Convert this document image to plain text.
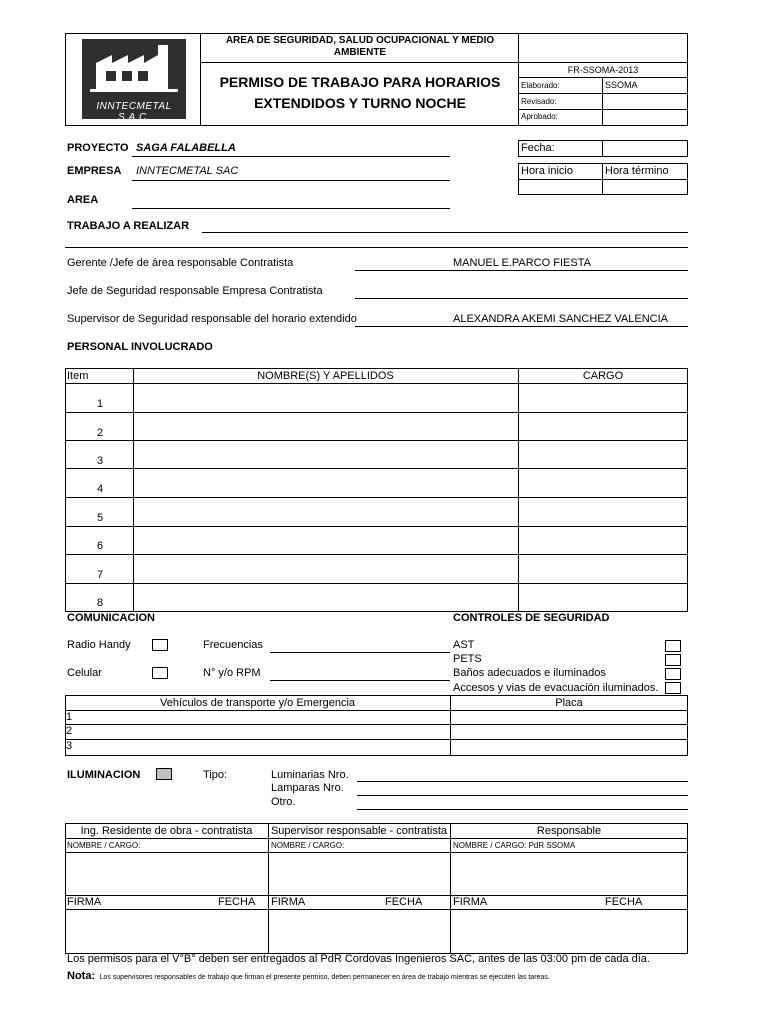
INNTECMETAL S.A.C.
AREA DE SEGURIDAD, SALUD OCUPACIONAL Y MEDIO AMBIENTE
PERMISO DE TRABAJO PARA HORARIOS
EXTENDIDOS Y TURNO NOCHE
FR-SSOMA-2013
Elaborado:	SSOMA
Revisado:
Aprobado:
PROYECTO SAGA FALABELLA
EMPRESA INNTECMETAL SAC
AREA
TRABAJO A REALIZAR
Fecha:
Hora inicio	Hora término
Gerente /Jefe de área responsable Contratista	MANUEL E.PARCO FIESTA
Jefe de Seguridad responsable Empresa Contratista
Supervisor de Seguridad responsable del horario extendido	ALEXANDRA AKEMI SANCHEZ VALENCIA
PERSONAL INVOLUCRADO
Item	NOMBRE(S) Y APELLIDOS	CARGO
1
2
3
4
5
6
7
8
COMUNICACION	CONTROLES DE SEGURIDAD
Radio Handy	Frecuencias
Celular	N° y/o RPM
AST
PETS
Baños adecuados e iluminados
Accesos y vias de evacuación iluminados.
Vehículos de transporte y/o Emergencia	Placa
1
2
3
ILUMINACION	Tipo:	Luminarias Nro.
Lamparas Nro.
Otro.
Ing. Residente de obra - contratista	Supervisor responsable - contratista	Responsable
NOMBRE / CARGO:	NOMBRE / CARGO:	NOMBRE / CARGO: PdR SSOMA
FIRMA	FECHA FIRMA	FECHA	FIRMA	FECHA
Los permisos para el V°B° deben ser entregados al PdR Cordovas Ingenieros SAC, antes de las 03:00 pm de cada día.
Nota: Los supervisores responsables de trabajo que firman el presente permiso, deben permanecer en área de trabajo mientras se ejecuten las tareas.
